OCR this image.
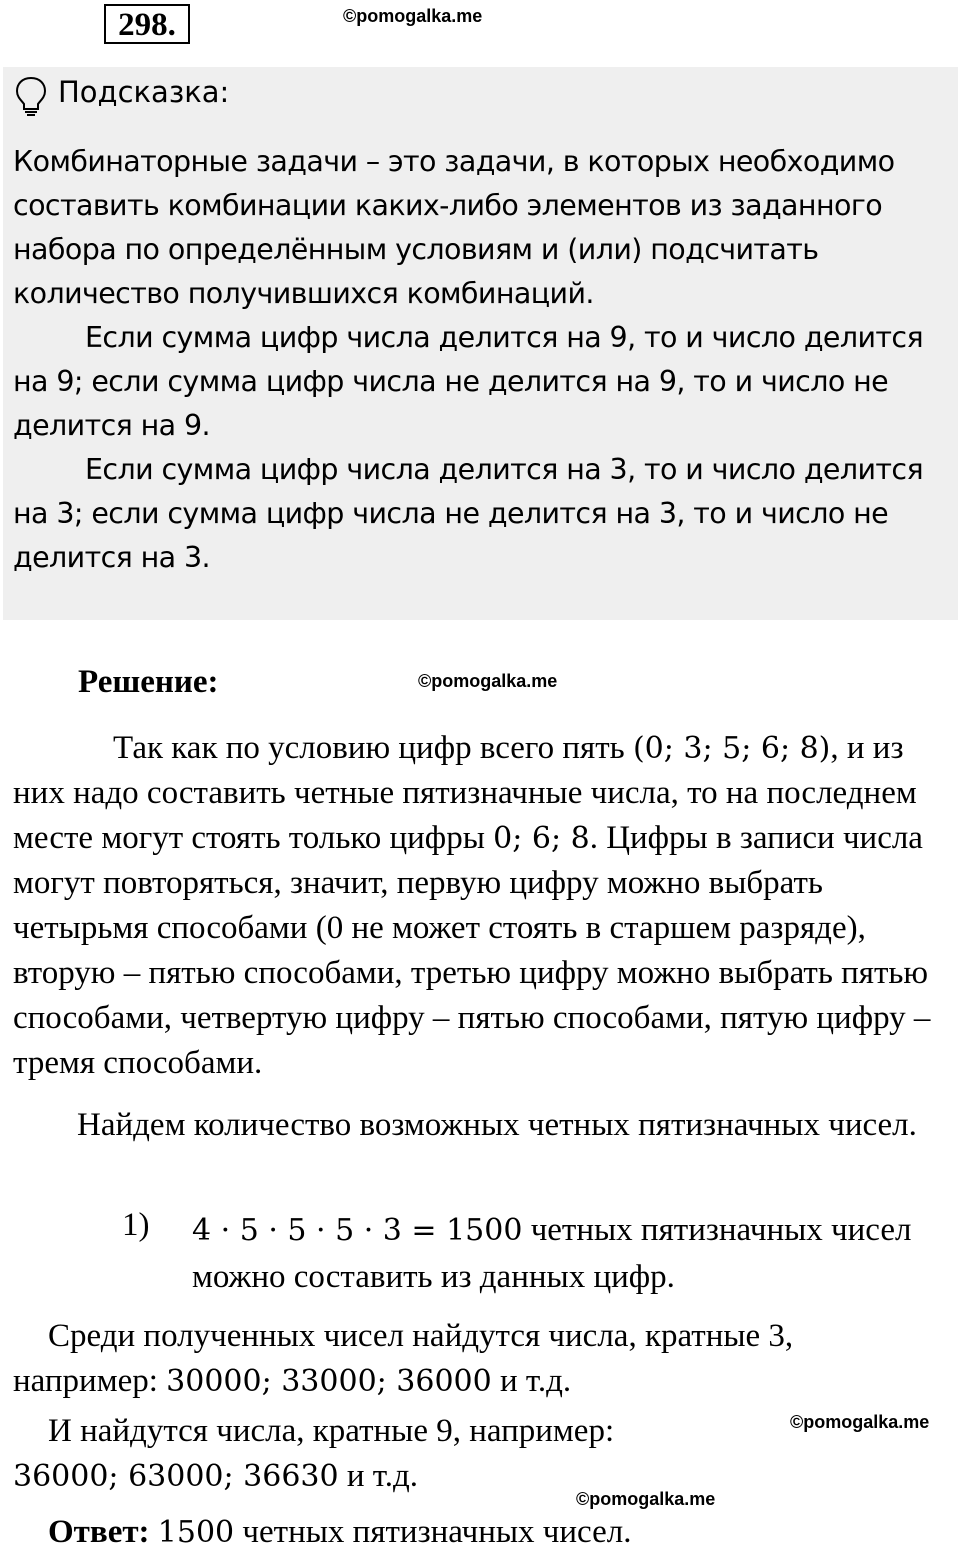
298.	©pomogalka.me
Подсказка:

Комбинаторные задачи – это задачи, в которых необходимо составить комбинации каких-либо элементов из заданного набора по определённым условиям и (или) подсчитать количество получившихся комбинаций.

Если сумма цифр числа делится на 9, то и число делится на 9; если сумма цифр числа не делится на 9, то и число не делится на 9.

Если сумма цифр числа делится на 3, то и число делится на 3; если сумма цифр числа не делится на 3, то и число не делится на 3.

Решение:	©pomogalka.me

Так как по условию цифр всего пять (0; 3; 5; 6; 8), и из них надо составить четные пятизначные числа, то на последнем месте могут стоять только цифры 0; 6; 8. Цифры в записи числа могут повторяться, значит, первую цифру можно выбрать четырьмя способами (0 не может стоять в старшем разряде), вторую – пятью способами, третью цифру можно выбрать пятью способами, четвертую цифру – пятью способами, пятую цифру – тремя способами.

Найдем количество возможных четных пятизначных чисел.

1) 4 · 5 · 5 · 5 · 3 = 1500 четных пятизначных чисел можно составить из данных цифр.

Среди полученных чисел найдутся числа, кратные 3, например: 30000; 33000; 36000 и т.д.

И найдутся числа, кратные 9, например: 36000; 63000; 36630 и т.д.

©pomogalka.me
©pomogalka.me
Ответ: 1500 четных пятизначных чисел.
